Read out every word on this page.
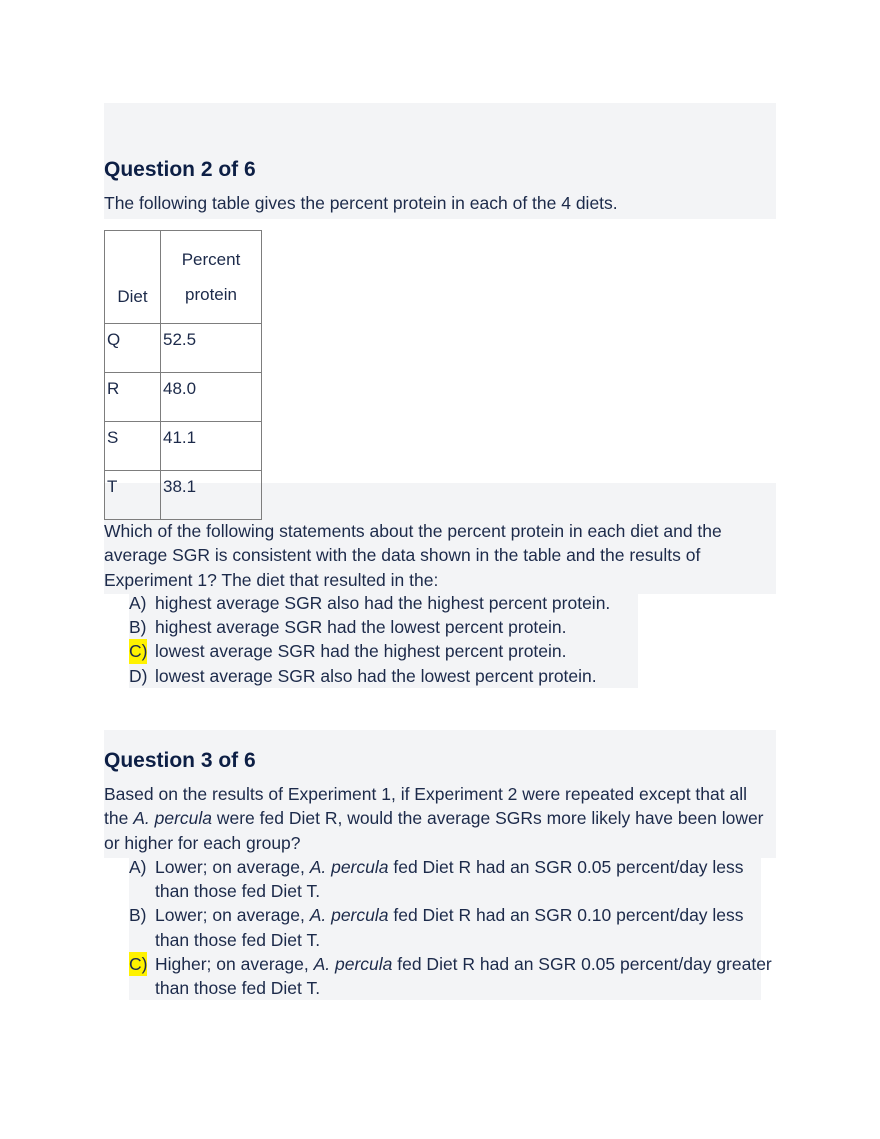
Question 2 of 6

The following table gives the percent protein in each of the 4 diets.

Diet	Percent
protein
Q	52.5
R	48.0
S	41.1
T	38.1

Which of the following statements about the percent protein in each diet and the average SGR is consistent with the data shown in the table and the results of Experiment 1? The diet that resulted in the:

A) highest average SGR also had the highest percent protein.
B) highest average SGR had the lowest percent protein.
C) lowest average SGR had the highest percent protein.
D) lowest average SGR also had the lowest percent protein.
Question 3 of 6

Based on the results of Experiment 1, if Experiment 2 were repeated except that all the A. percula were fed Diet R, would the average SGRs more likely have been lower or higher for each group?

A) Lower; on average, A. percula fed Diet R had an SGR 0.05 percent/day less than those fed Diet T.
B) Lower; on average, A. percula fed Diet R had an SGR 0.10 percent/day less than those fed Diet T.
C) Higher; on average, A. percula fed Diet R had an SGR 0.05 percent/day greater than those fed Diet T.
